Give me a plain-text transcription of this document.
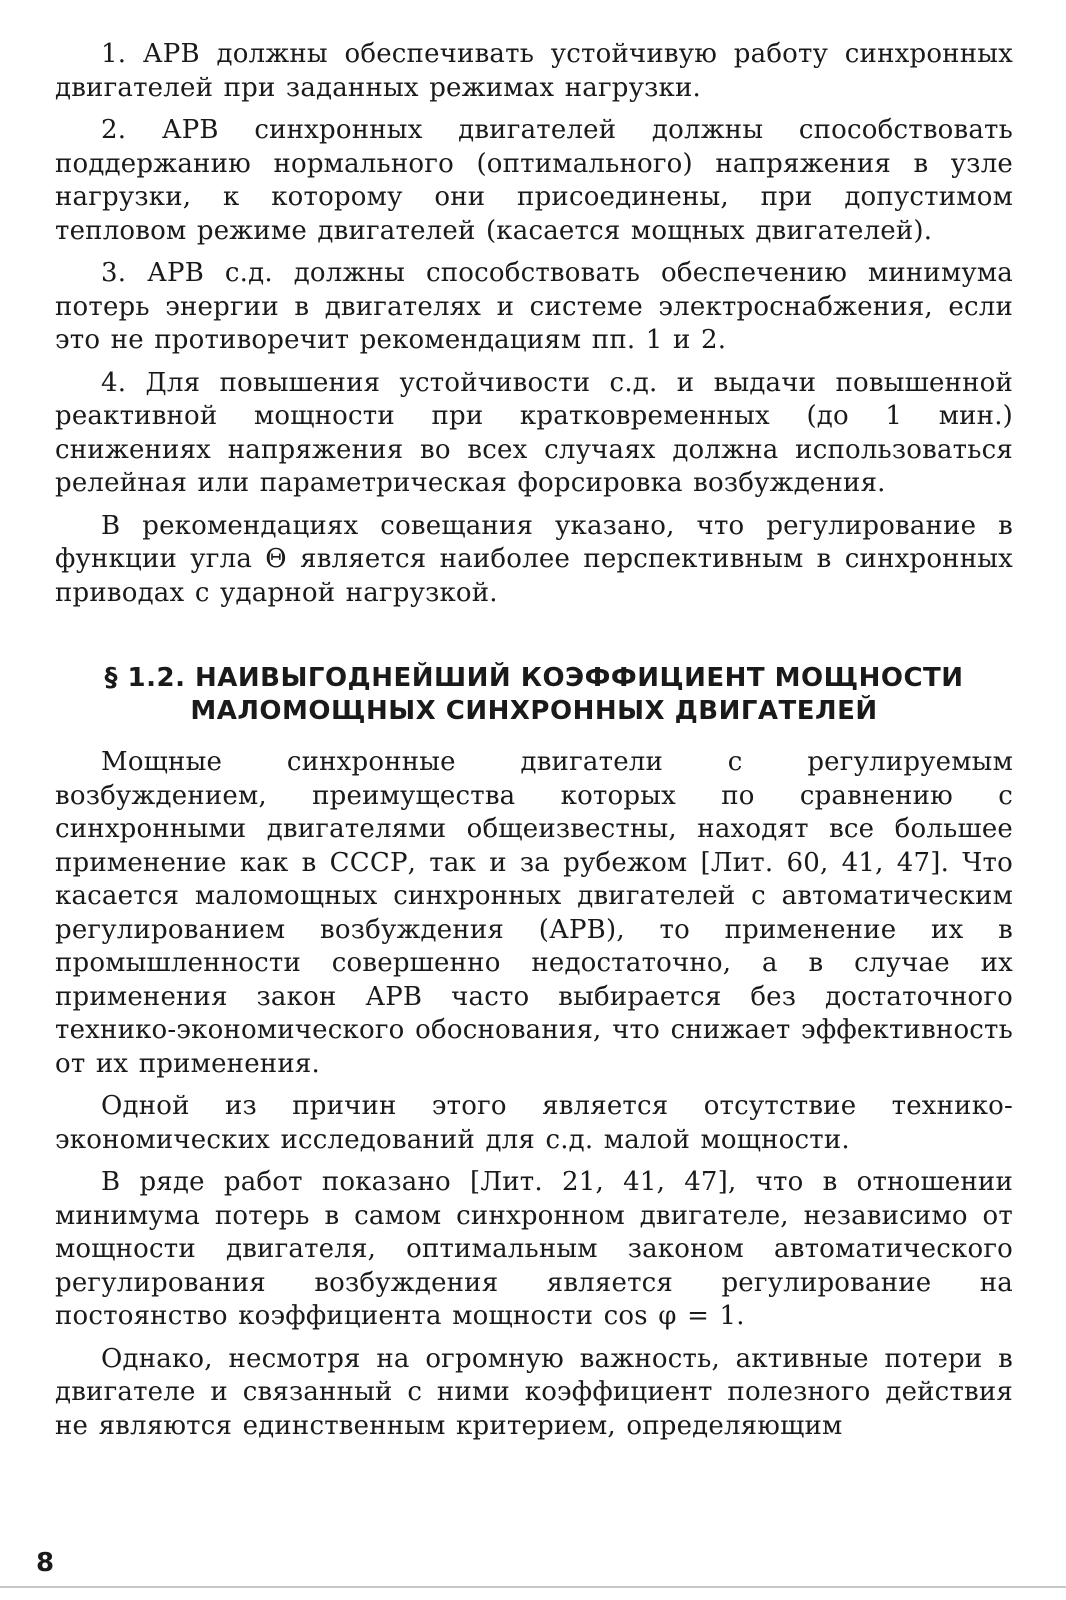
1. АРВ должны обеспечивать устойчивую работу синхронных двигателей при заданных режимах нагрузки.

2. АРВ синхронных двигателей должны способствовать поддержанию нормального (оптимального) напряжения в узле нагрузки, к которому они присоединены, при допустимом тепловом режиме двигателей (касается мощных двигателей).

3. АРВ с.д. должны способствовать обеспечению минимума потерь энергии в двигателях и системе электроснабжения, если это не противоречит рекомендациям пп. 1 и 2.

4. Для повышения устойчивости с.д. и выдачи повышенной реактивной мощности при кратковременных (до 1 мин.) снижениях напряжения во всех случаях должна использоваться релейная или параметрическая форсировка возбуждения.

В рекомендациях совещания указано, что регулирование в функции угла Θ является наиболее перспективным в синхронных приводах с ударной нагрузкой.

§ 1.2. НАИВЫГОДНЕЙШИЙ КОЭФФИЦИЕНТ МОЩНОСТИ
МАЛОМОЩНЫХ СИНХРОННЫХ ДВИГАТЕЛЕЙ

Мощные синхронные двигатели с регулируемым возбуждением, преимущества которых по сравнению с синхронными двигателями общеизвестны, находят все большее применение как в СССР, так и за рубежом [Лит. 60, 41, 47]. Что касается маломощных синхронных двигателей с автоматическим регулированием возбуждения (АРВ), то применение их в промышленности совершенно недостаточно, а в случае их применения закон АРВ часто выбирается без достаточного технико-экономического обоснования, что снижает эффективность от их применения.

Одной из причин этого является отсутствие технико-экономических исследований для с.д. малой мощности.

В ряде работ показано [Лит. 21, 41, 47], что в отношении минимума потерь в самом синхронном двигателе, независимо от мощности двигателя, оптимальным законом автоматического регулирования возбуждения является регулирование на постоянство коэффициента мощности cos φ = 1.

Однако, несмотря на огромную важность, активные потери в двигателе и связанный с ними коэффициент полезного действия не являются единственным критерием, определяющим

8
